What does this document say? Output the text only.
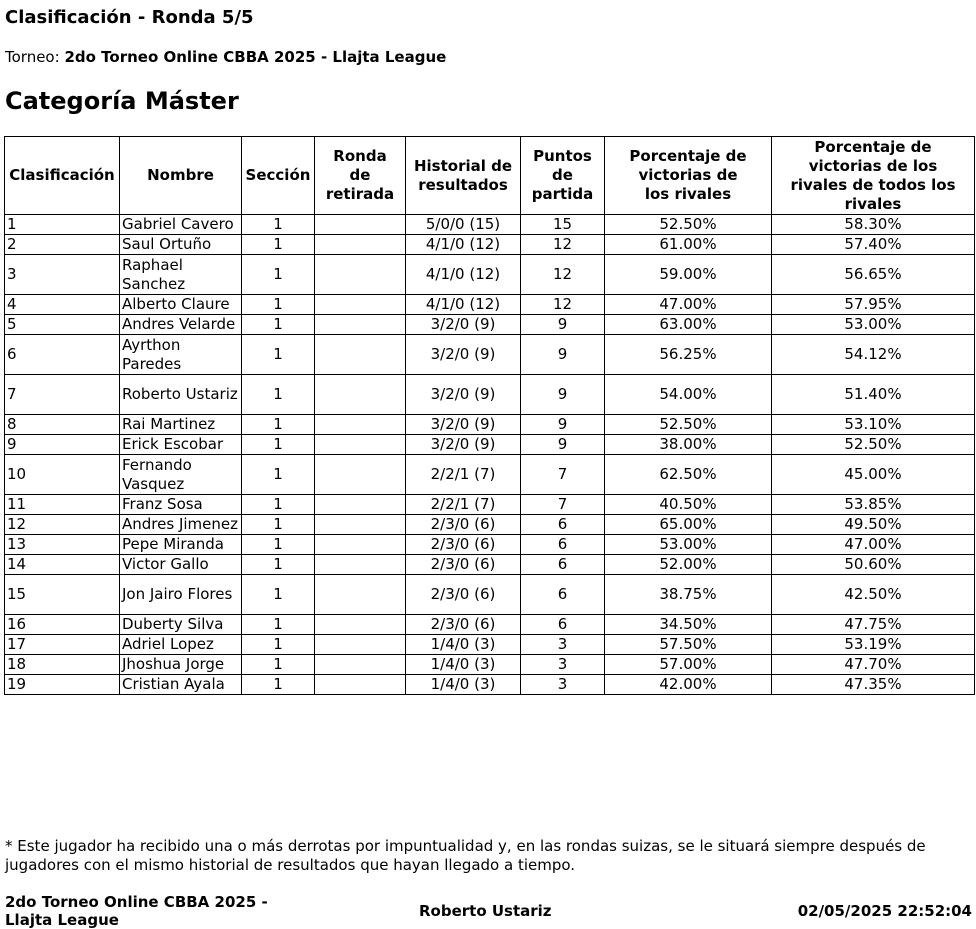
Clasificación - Ronda 5/5
Torneo: 2do Torneo Online CBBA 2025 - Llajta League
Categoría Máster
Clasificación	Nombre	Sección	Ronda de retirada	Historial de resultados	Puntos de partida	Porcentaje de victorias de los rivales	Porcentaje de victorias de los rivales de todos los rivales
1	Gabriel Cavero	1		5/0/0 (15)	15	52.50%	58.30%
2	Saul Ortuño	1		4/1/0 (12)	12	61.00%	57.40%
3	Raphael Sanchez	1		4/1/0 (12)	12	59.00%	56.65%
4	Alberto Claure	1		4/1/0 (12)	12	47.00%	57.95%
5	Andres Velarde	1		3/2/0 (9)	9	63.00%	53.00%
6	Ayrthon Paredes	1		3/2/0 (9)	9	56.25%	54.12%
7	Roberto Ustariz	1		3/2/0 (9)	9	54.00%	51.40%
8	Rai Martinez	1		3/2/0 (9)	9	52.50%	53.10%
9	Erick Escobar	1		3/2/0 (9)	9	38.00%	52.50%
10	Fernando Vasquez	1		2/2/1 (7)	7	62.50%	45.00%
11	Franz Sosa	1		2/2/1 (7)	7	40.50%	53.85%
12	Andres Jimenez	1		2/3/0 (6)	6	65.00%	49.50%
13	Pepe Miranda	1		2/3/0 (6)	6	53.00%	47.00%
14	Victor Gallo	1		2/3/0 (6)	6	52.00%	50.60%
15	Jon Jairo Flores	1		2/3/0 (6)	6	38.75%	42.50%
16	Duberty Silva	1		2/3/0 (6)	6	34.50%	47.75%
17	Adriel Lopez	1		1/4/0 (3)	3	57.50%	53.19%
18	Jhoshua Jorge	1		1/4/0 (3)	3	57.00%	47.70%
19	Cristian Ayala	1		1/4/0 (3)	3	42.00%	47.35%
* Este jugador ha recibido una o más derrotas por impuntualidad y, en las rondas suizas, se le situará siempre después de jugadores con el mismo historial de resultados que hayan llegado a tiempo.
2do Torneo Online CBBA 2025 - Llajta League	Roberto Ustariz	02/05/2025 22:52:04
